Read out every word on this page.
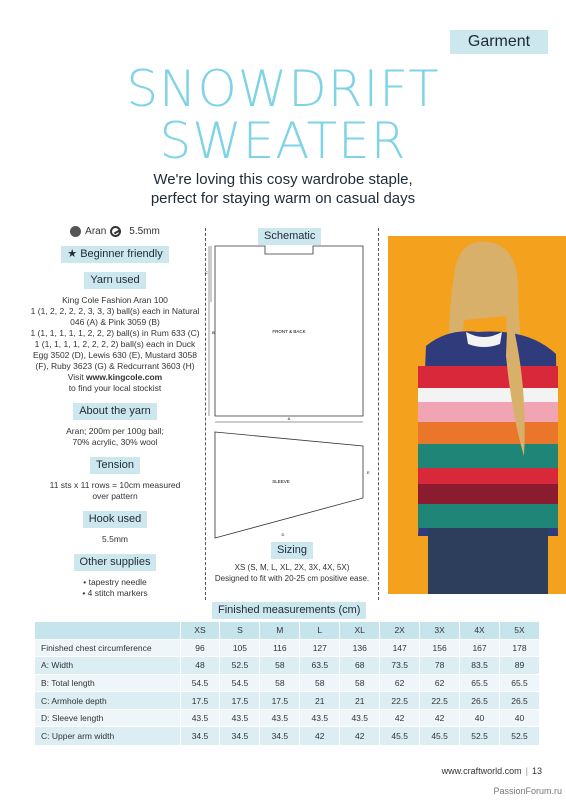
Garment
SNOWDRIFT
SWEATER
We're loving this cosy wardrobe staple,
perfect for staying warm on casual days
Aran 5.5mm
★ Beginner friendly
Yarn used
King Cole Fashion Aran 100
1 (1, 2, 2, 2, 2, 3, 3, 3) ball(s) each in Natural
046 (A) & Pink 3059 (B)
1 (1, 1, 1, 1, 1, 2, 2, 2) ball(s) in Rum 633 (C)
1 (1, 1, 1, 1, 2, 2, 2, 2) ball(s) each in Duck
Egg 3502 (D), Lewis 630 (E), Mustard 3058
(F), Ruby 3623 (G) & Redcurrant 3603 (H)
Visit www.kingcole.com
to find your local stockist
About the yarn
Aran; 200m per 100g ball;
70% acrylic, 30% wool
Tension
11 sts x 11 rows = 10cm measured
over pattern
Hook used
5.5mm
Other supplies
• tapestry needle
• 4 stitch markers
Schematic
FRONT & BACK
A
B
C
SLEEVE
D
E
Sizing
XS (S, M, L, XL, 2X, 3X, 4X, 5X)
Designed to fit with 20-25 cm positive ease.
Finished measurements (cm)
	XS	S	M	L	XL	2X	3X	4X	5X
Finished chest circumference	96	105	116	127	136	147	156	167	178
A: Width	48	52.5	58	63.5	68	73.5	78	83.5	89
B: Total length	54.5	54.5	58	58	58	62	62	65.5	65.5
C: Armhole depth	17.5	17.5	17.5	21	21	22.5	22.5	26.5	26.5
D: Sleeve length	43.5	43.5	43.5	43.5	43.5	42	42	40	40
C: Upper arm width	34.5	34.5	34.5	42	42	45.5	45.5	52.5	52.5
www.craftworld.com | 13
PassionForum.ru
